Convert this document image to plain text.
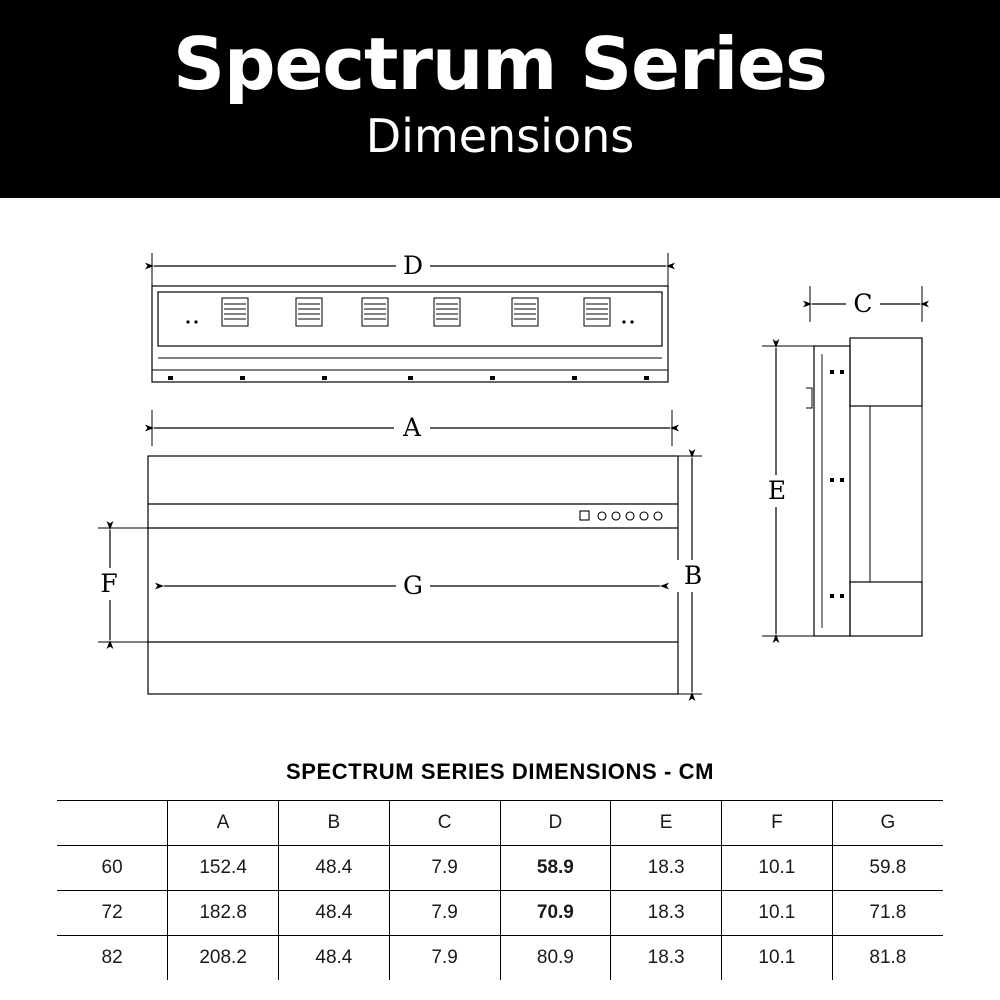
Spectrum Series
Dimensions
D
A
C
B
F	G
E
SPECTRUM SERIES DIMENSIONS - CM							
	A	B	C	D	E	F	G
60	152.4	48.4	7.9	58.9	18.3	10.1	59.8
72	182.8	48.4	7.9	70.9	18.3	10.1	71.8
82	208.2	48.4	7.9	80.9	18.3	10.1	81.8
